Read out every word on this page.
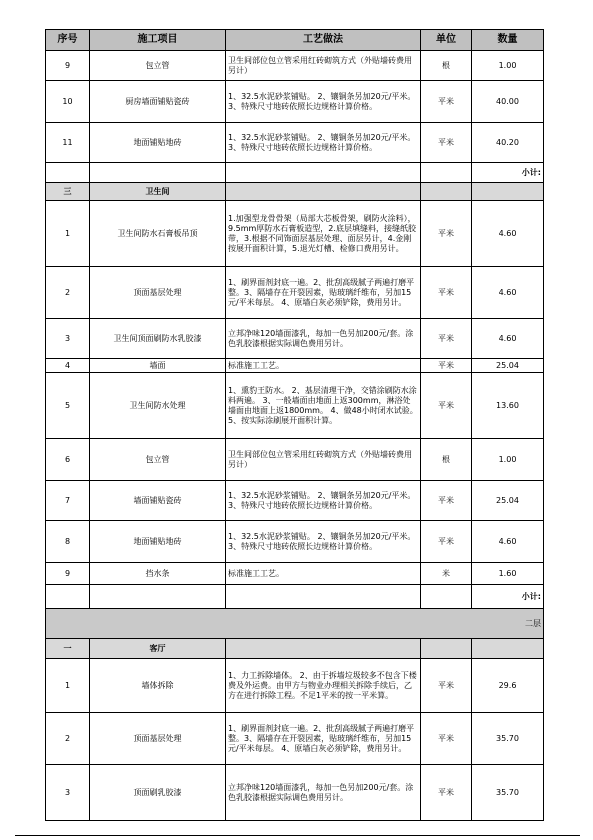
序号	施工项目	工艺做法	单位	数量
9	包立管	卫生间部位包立管采用红砖砌筑方式（外贴墙砖费用另计）	根	1.00
10	厨房墙面铺贴瓷砖	1、32.5水泥砂浆铺贴。 2、镶铜条另加20元/平米。3、特殊尺寸地砖依照长边规格计算价格。	平米	40.00
11	地面铺贴地砖	1、32.5水泥砂浆铺贴。 2、镶铜条另加20元/平米。3、特殊尺寸地砖依照长边规格计算价格。	平米	40.20
				小计:
三	卫生间			
1	卫生间防水石膏板吊顶	1.加强型龙骨骨架（局部大芯板骨架，刷防火涂料），9.5mm厚防水石膏板造型，2.底层填缝料，接缝纸胶带，3.根据不同饰面层基层处理、面层另计，4.金刚按展开面积计算，5.退光灯槽、检修口费用另计。	平米	4.60
2	顶面基层处理	1、刷界面剂封底一遍。2、批刮高级腻子两遍打磨平整。3、隔墙存在开裂因素，贴玻璃纤维布，另加15元/平米每层。 4、原墙白灰必须铲除，费用另计。	平米	4.60
3	卫生间顶面刷防水乳胶漆	立邦净味120墙面漆乳，每加一色另加200元/套。涂色乳胶漆根据实际调色费用另计。	平米	4.60
4	墙面	标准施工工艺。	平米	25.04
5	卫生间防水处理	1、熏豹王防水。 2、基层清理干净，交错涂刷防水涂料两遍。 3、一般墙面由地面上返300mm，淋浴处墙面由地面上返1800mm。 4、做48小时闭水试验。 5、按实际涂刷展开面积计算。	平米	13.60
6	包立管	卫生间部位包立管采用红砖砌筑方式（外贴墙砖费用另计）	根	1.00
7	墙面铺贴瓷砖	1、32.5水泥砂浆铺贴。 2、镶铜条另加20元/平米。3、特殊尺寸地砖依照长边规格计算价格。	平米	25.04
8	地面铺贴地砖	1、32.5水泥砂浆铺贴。 2、镶铜条另加20元/平米。3、特殊尺寸地砖依照长边规格计算价格。	平米	4.60
9	挡水条	标准施工工艺。	米	1.60
				小计:
二层				
一	客厅			
1	墙体拆除	1、力工拆除墙体。 2、由于拆墙垃圾较多不包含下楼费及外运费。由甲方与物业办理相关拆除手续后，乙方在进行拆除工程。不足1平米的按一平米算。	平米	29.6
2	顶面基层处理	1、刷界面剂封底一遍。2、批刮高级腻子两遍打磨平整。3、隔墙存在开裂因素，贴玻璃纤维布，另加15元/平米每层。 4、原墙白灰必须铲除，费用另计。	平米	35.70
3	顶面刷乳胶漆	立邦净味120墙面漆乳，每加一色另加200元/套。涂色乳胶漆根据实际调色费用另计。	平米	35.70
